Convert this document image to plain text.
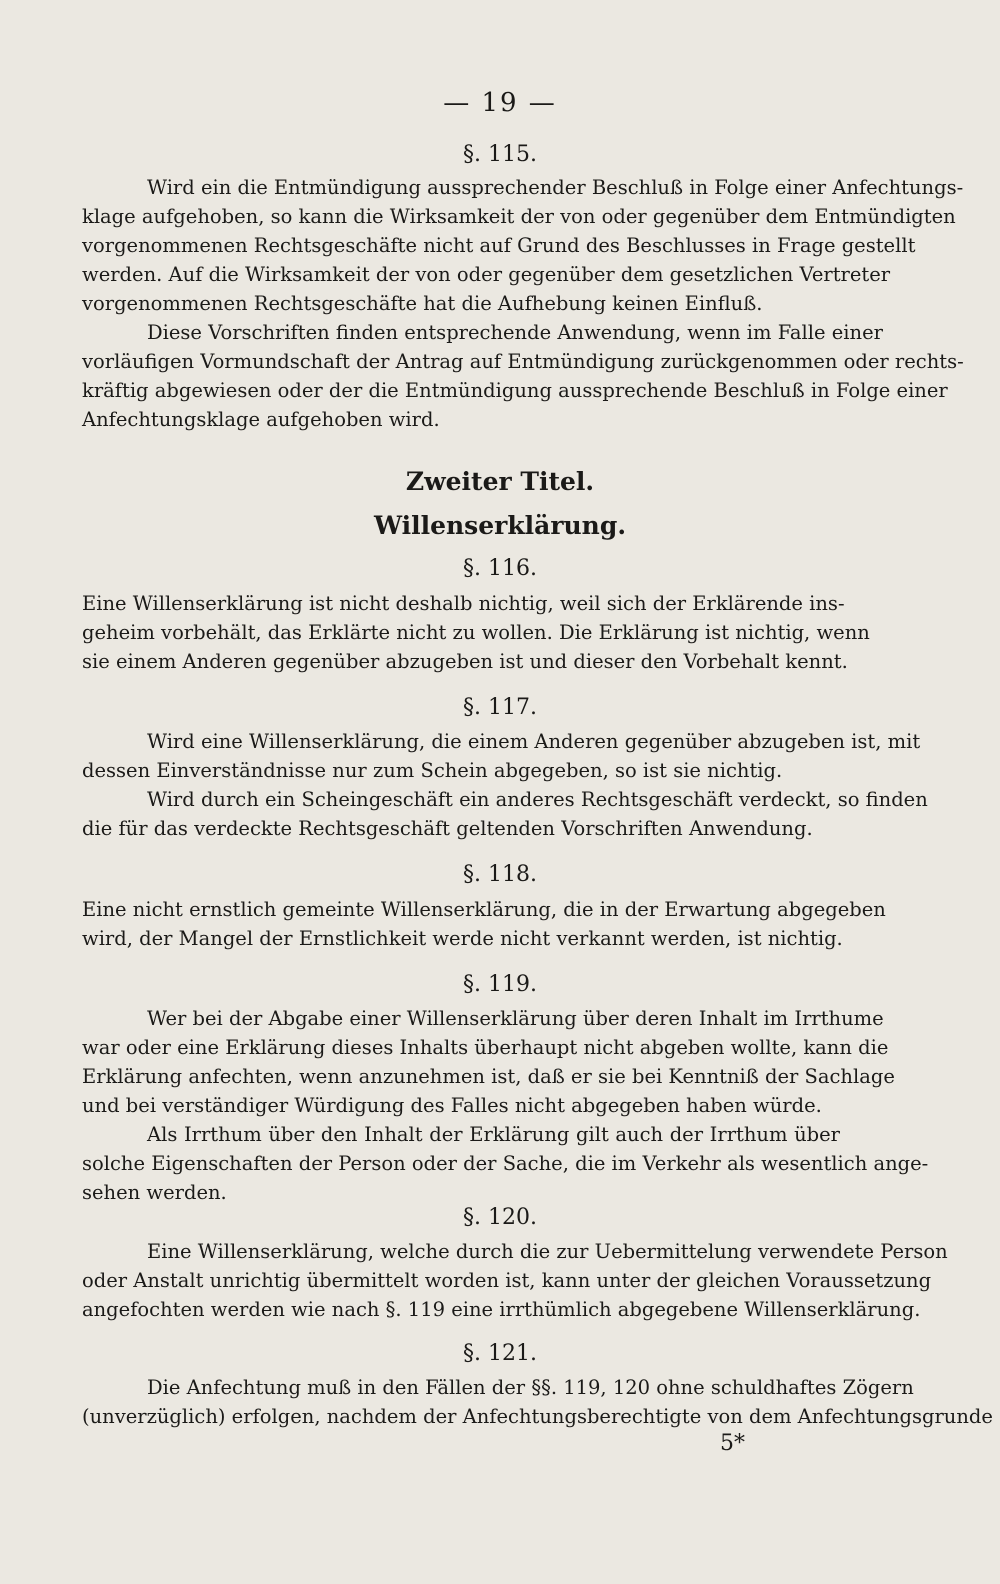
— 19 —
§. 115.
Wird ein die Entmündigung aussprechender Beschluß in Folge einer Anfechtungs-
klage aufgehoben, so kann die Wirksamkeit der von oder gegenüber dem Entmündigten
vorgenommenen Rechtsgeschäfte nicht auf Grund des Beschlusses in Frage gestellt
werden. Auf die Wirksamkeit der von oder gegenüber dem gesetzlichen Vertreter
vorgenommenen Rechtsgeschäfte hat die Aufhebung keinen Einfluß.
Diese Vorschriften finden entsprechende Anwendung, wenn im Falle einer
vorläufigen Vormundschaft der Antrag auf Entmündigung zurückgenommen oder rechts-
kräftig abgewiesen oder der die Entmündigung aussprechende Beschluß in Folge einer
Anfechtungsklage aufgehoben wird.
Zweiter Titel.
Willenserklärung.
§. 116.
Eine Willenserklärung ist nicht deshalb nichtig, weil sich der Erklärende ins-
geheim vorbehält, das Erklärte nicht zu wollen. Die Erklärung ist nichtig, wenn
sie einem Anderen gegenüber abzugeben ist und dieser den Vorbehalt kennt.
§. 117.
Wird eine Willenserklärung, die einem Anderen gegenüber abzugeben ist, mit
dessen Einverständnisse nur zum Schein abgegeben, so ist sie nichtig.
Wird durch ein Scheingeschäft ein anderes Rechtsgeschäft verdeckt, so finden
die für das verdeckte Rechtsgeschäft geltenden Vorschriften Anwendung.
§. 118.
Eine nicht ernstlich gemeinte Willenserklärung, die in der Erwartung abgegeben
wird, der Mangel der Ernstlichkeit werde nicht verkannt werden, ist nichtig.
§. 119.
Wer bei der Abgabe einer Willenserklärung über deren Inhalt im Irrthume
war oder eine Erklärung dieses Inhalts überhaupt nicht abgeben wollte, kann die
Erklärung anfechten, wenn anzunehmen ist, daß er sie bei Kenntniß der Sachlage
und bei verständiger Würdigung des Falles nicht abgegeben haben würde.
Als Irrthum über den Inhalt der Erklärung gilt auch der Irrthum über
solche Eigenschaften der Person oder der Sache, die im Verkehr als wesentlich ange-
sehen werden.
§. 120.
Eine Willenserklärung, welche durch die zur Uebermittelung verwendete Person
oder Anstalt unrichtig übermittelt worden ist, kann unter der gleichen Voraussetzung
angefochten werden wie nach §. 119 eine irrthümlich abgegebene Willenserklärung.
§. 121.
Die Anfechtung muß in den Fällen der §§. 119, 120 ohne schuldhaftes Zögern
(unverzüglich) erfolgen, nachdem der Anfechtungsberechtigte von dem Anfechtungsgrunde
5*
